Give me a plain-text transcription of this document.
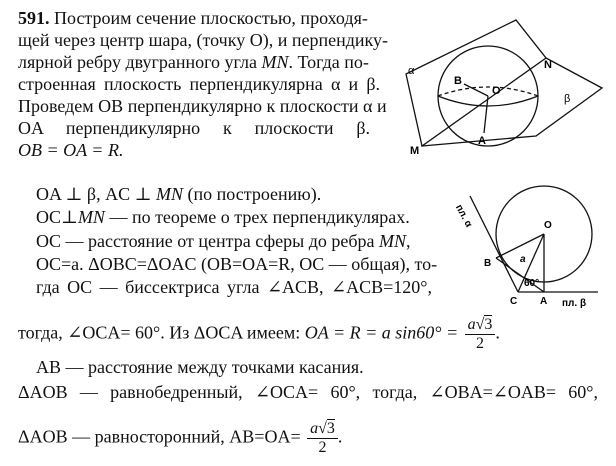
591. Построим сечение плоскостью, проходя-
щей через центр шара, (точку O), и перпендику-
лярной ребру двугранного угла MN. Тогда по-
строенная плоскость перпендикулярна α и β.
Проведем OB перпендикулярно к плоскости α и
OA перпендикулярно к плоскости β.
OB = OA = R.
OA ⊥ β, AC ⊥ MN (по построению).
OC⊥MN — по теореме о трех перпендикулярах.
OC — расстояние от центра сферы до ребра MN,
OC=a. ΔOBC=ΔOAC (OB=OA=R, OC — общая), то-
гда OC — биссектриса угла ∠ACB, ∠ACB=120°,
тогда, ∠OCA= 60°. Из ΔOCA имеем: OA = R = a $\sin 60^\circ = \frac{a√3}{2}$ .
AB — расстояние между точками касания.
ΔAOB — равнобедренный, ∠OCA= 60°, тогда, ∠OBA=∠OAB= 60°,
ΔAOB — равносторонний, $AB=OA= \frac{a√3}{2}$ .
α
β
B
O
N
M
A
пл. α
пл. β
O
B	a
60°
C A
